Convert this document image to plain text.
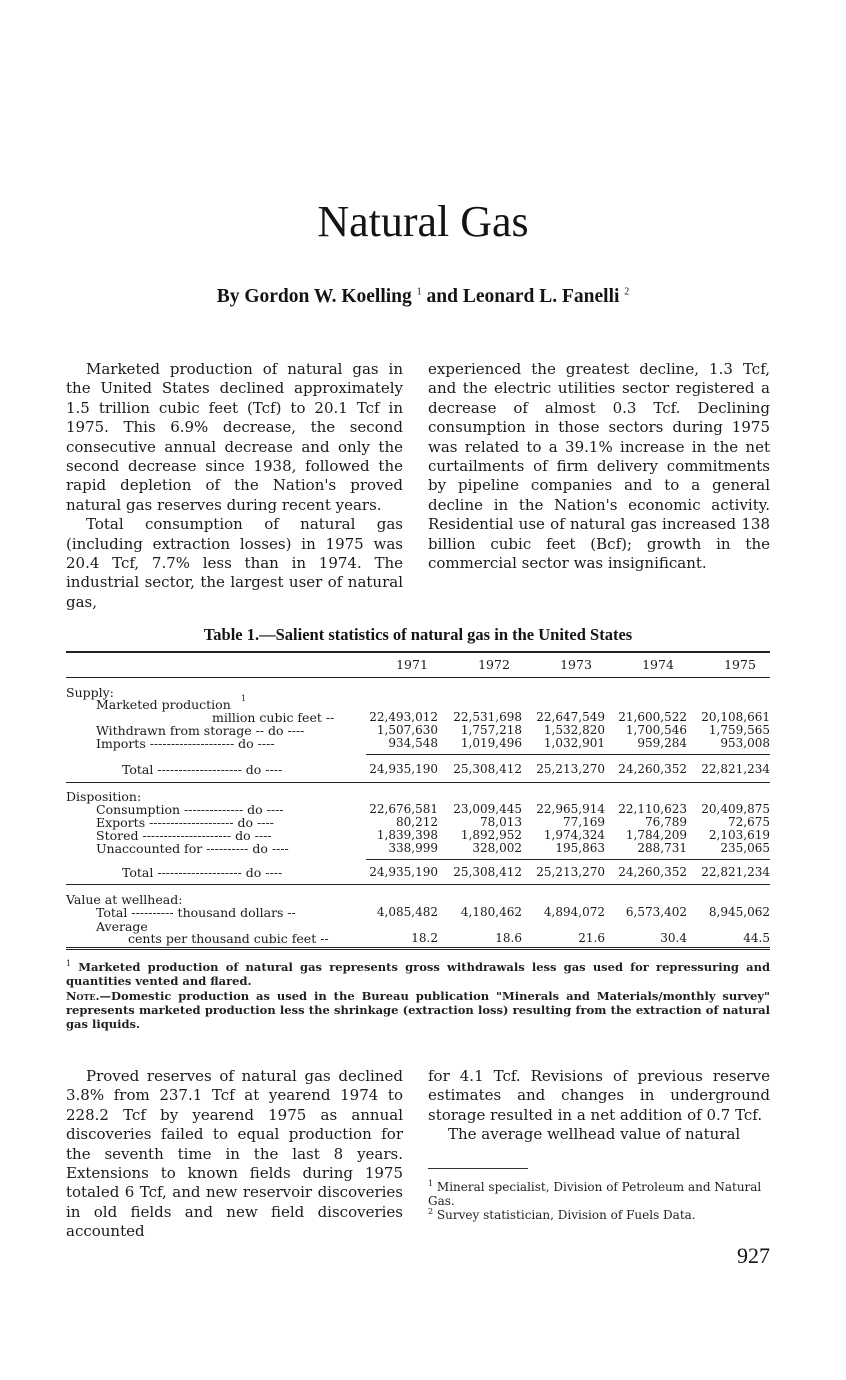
Natural Gas
By Gordon W. Koelling $^1$ and Leonard L. Fanelli $^2$

Marketed production of natural gas in the United States declined approximately 1.5 trillion cubic feet (Tcf) to 20.1 Tcf in 1975. This 6.9% decrease, the second consecutive annual decrease and only the second decrease since 1938, followed the rapid depletion of the Nation's proved natural gas reserves during recent years.

Total consumption of natural gas (including extraction losses) in 1975 was 20.4 Tcf, 7.7% less than in 1974. The industrial sector, the largest user of natural gas,

experienced the greatest decline, 1.3 Tcf, and the electric utilities sector registered a decrease of almost 0.3 Tcf. Declining consumption in those sectors during 1975 was related to a 39.1% increase in the net curtailments of firm delivery commitments by pipeline companies and to a general decline in the Nation's economic activity. Residential use of natural gas increased 138 billion cubic feet (Bcf); growth in the commercial sector was insignificant.

Table 1.—Salient statistics of natural gas in the United States
1971	1972	1973	1974	1975
Supply:
Marketed production 1
million cubic feet --	22,493,012	22,531,698	22,647,549	21,600,522	20,108,661
Withdrawn from storage -- do ----	1,507,630	1,757,218	1,532,820	1,700,546	1,759,565
Imports -------------------- do ----	934,548	1,019,496	1,032,901	959,284	953,008
Total -------------------- do ----	24,935,190	25,308,412	25,213,270	24,260,352	22,821,234
Disposition:
Consumption -------------- do ----	22,676,581	23,009,445	22,965,914	22,110,623	20,409,875
Exports -------------------- do ----	80,212	78,013	77,169	76,789	72,675
Stored --------------------- do ----	1,839,398	1,892,952	1,974,324	1,784,209	2,103,619
Unaccounted for ---------- do ----	338,999	328,002	195,863	288,731	235,065
Total -------------------- do ----	24,935,190	25,308,412	25,213,270	24,260,352	22,821,234
Value at wellhead:
Total ---------- thousand dollars --	4,085,482	4,180,462	4,894,072	6,573,402	8,945,062
Average
cents per thousand cubic feet --	18.2	18.6	21.6	30.4	44.5
$^1$ Marketed production of natural gas represents gross withdrawals less gas used for repressuring and quantities vented and flared.
Note.—Domestic production as used in the Bureau publication "Minerals and Materials/monthly survey" represents marketed production less the shrinkage (extraction loss) resulting from the extraction of natural gas liquids.

Proved reserves of natural gas declined 3.8% from 237.1 Tcf at yearend 1974 to 228.2 Tcf by yearend 1975 as annual discoveries failed to equal production for the seventh time in the last 8 years. Extensions to known fields during 1975 totaled 6 Tcf, and new reservoir discoveries in old fields and new field discoveries accounted

for 4.1 Tcf. Revisions of previous reserve estimates and changes in underground storage resulted in a net addition of 0.7 Tcf.

The average wellhead value of natural

$^1$ Mineral specialist, Division of Petroleum and Natural Gas.
$^2$ Survey statistician, Division of Fuels Data.
927
